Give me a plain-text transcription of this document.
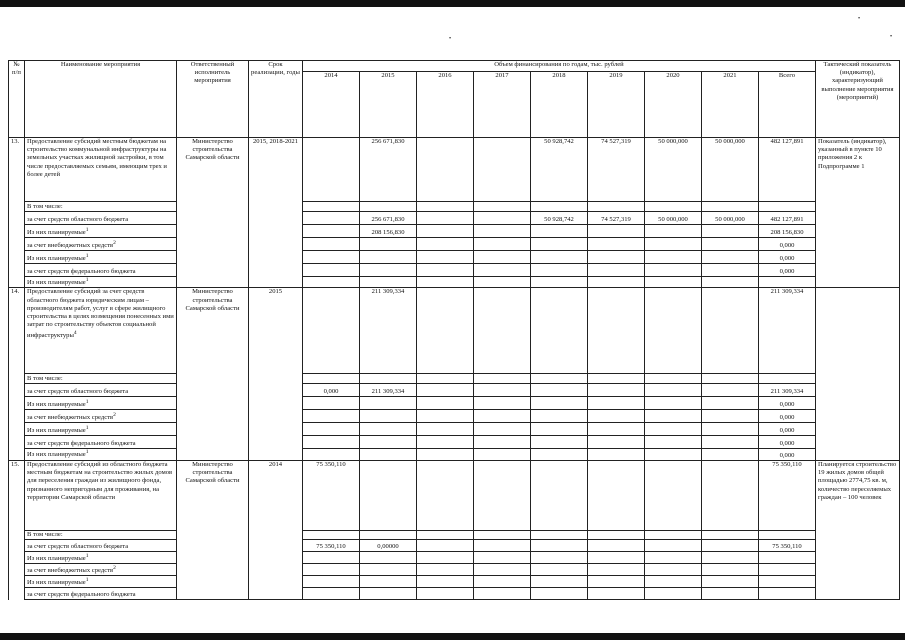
•
•
•
№ п/п	Наименование мероприятия	Ответственный исполнитель мероприятия	Срок реализации, годы	Объем финансирования по годам, тыс. рублей									Тактический показатель (индикатор), характеризующий выполнение мероприятия (мероприятий)
				2014	2015	2016	2017	2018	2019	2020	2021	Всего	
13.	Предоставление субсидий местным бюджетам на строительство коммунальной инфраструктуры на земельных участках жилищной застройки, в том числе предоставляемых семьям, имеющим трех и более детей	Министерство строительства Самарской области	2015, 2018-2021		256 671,830			50 928,742	74 527,319	50 000,000	50 000,000	482 127,891	Показатель (индикатор), указанный в пункте 10 приложения 2 к Подпрограмме 1
	В том числе:												
	за счет средств областного бюджета				256 671,830			50 928,742	74 527,319	50 000,000	50 000,000	482 127,891	
	Из них планируемые$^1$				208 156,830							208 156,830	
	за счет внебюджетных средств$^2$											0,000	
	Из них планируемые$^1$											0,000	
	за счет средств федерального бюджета											0,000	
	Из них планируемые$^1$									
14.	Предоставление субсидий за счет средств областного бюджета юридическим лицам – производителям работ, услуг в сфере жилищного строительства в целях возмещения понесенных ими затрат по строительству объектов социальной инфраструктуры$^4$	Министерство строительства Самарской области	2015		211 309,334							211 309,334	
	В том числе:												
	за счет средств областного бюджета			0,000	211 309,334							211 309,334	
	Из них планируемые$^1$											0,000	
	за счет внебюджетных средств$^2$											0,000	
	Из них планируемые$^1$											0,000	
	за счет средств федерального бюджета											0,000	
	Из них планируемые$^1$											0,000	
15.	Предоставление субсидий из областного бюджета местным бюджетам на строительство жилых домов для переселения граждан из жилищного фонда, признанного непригодным для проживания, на территории Самарской области	Министерство строительства Самарской области	2014	75 350,110								75 350,110	Планируется строительство 19 жилых домов общей площадью 2774,75 кв. м, количество переселяемых граждан – 100 человек
	В том числе:												
	за счет средств областного бюджета			75 350,110	0,00000							75 350,110	
	Из них планируемые$^1$									
	за счет внебюджетных средств$^2$									
	Из них планируемые$^1$									
	за счет средств федерального бюджета												
